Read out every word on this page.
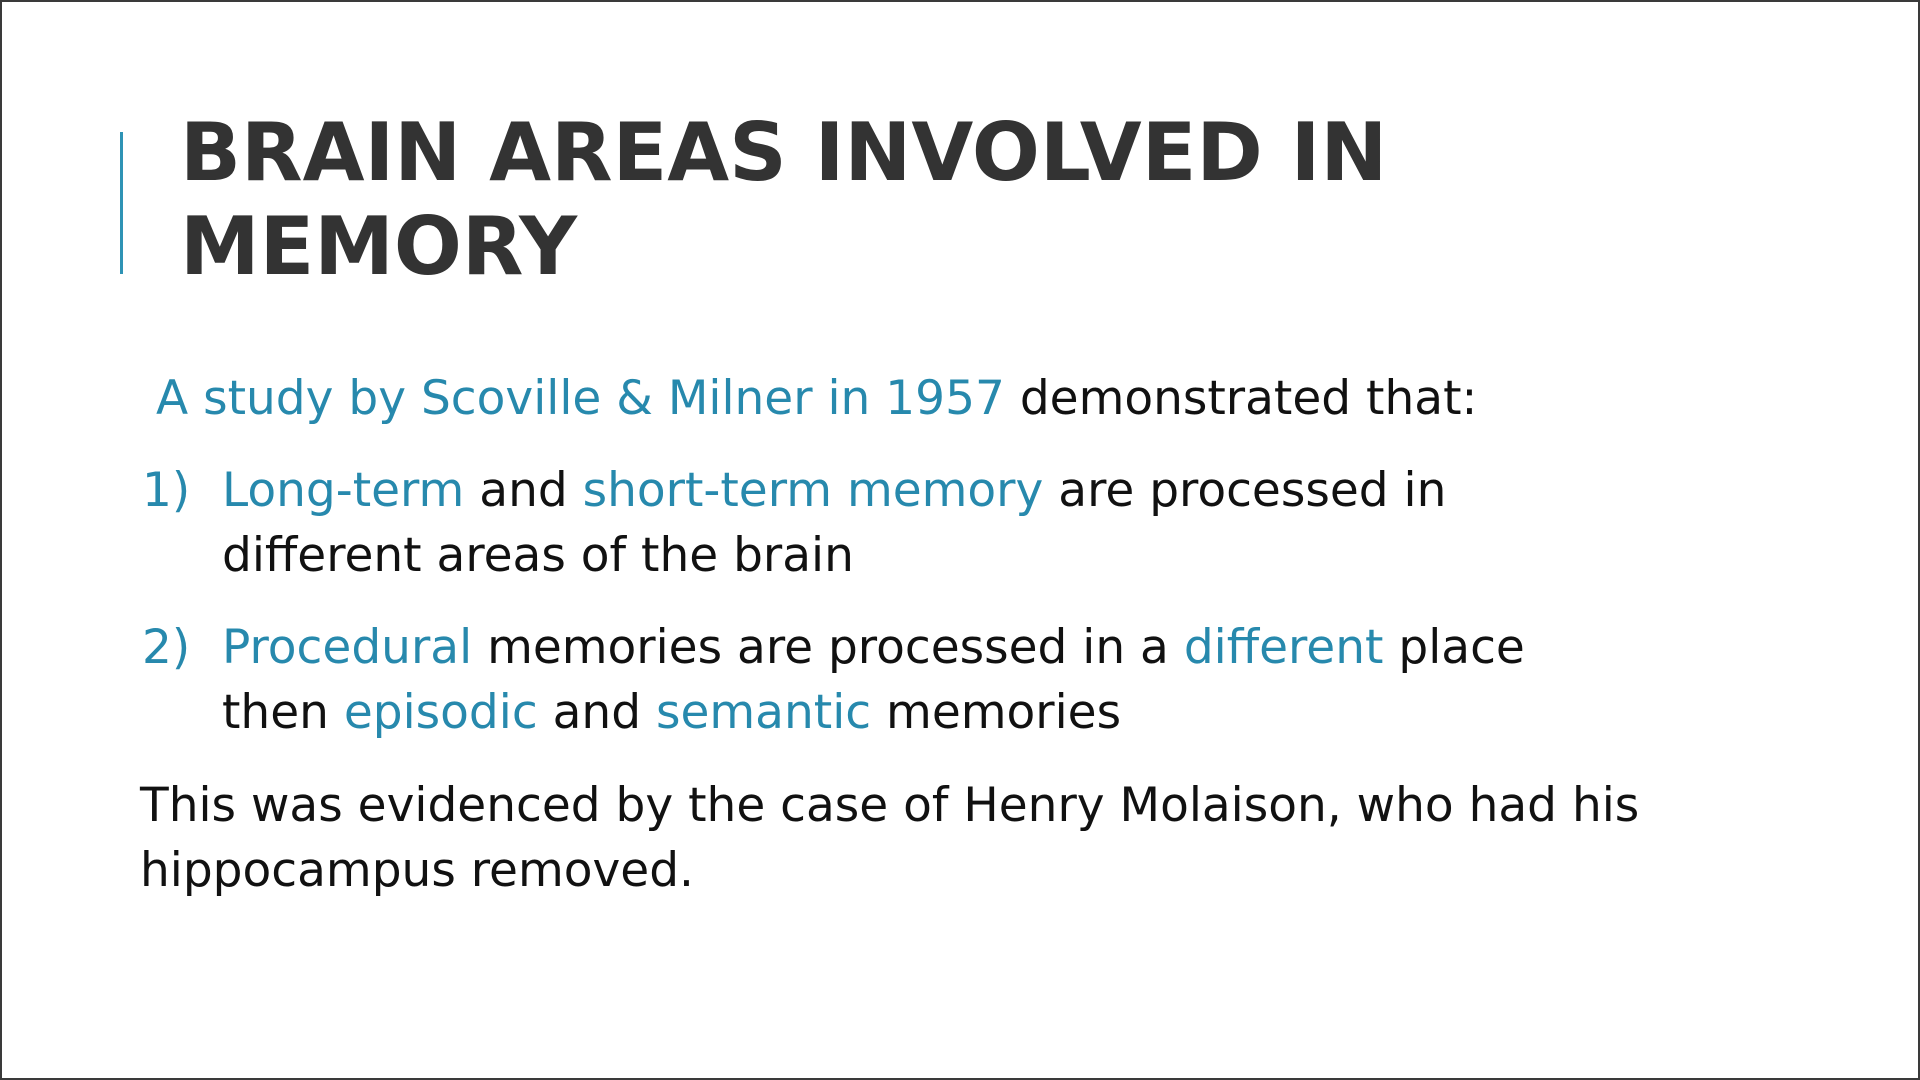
BRAIN AREAS INVOLVED IN
MEMORY

A study by Scoville & Milner in 1957 demonstrated that:

1) Long-term and short-term memory are processed in
different areas of the brain
2) Procedural memories are processed in a different place
then episodic and semantic memories

This was evidenced by the case of Henry Molaison, who had his
hippocampus removed.
